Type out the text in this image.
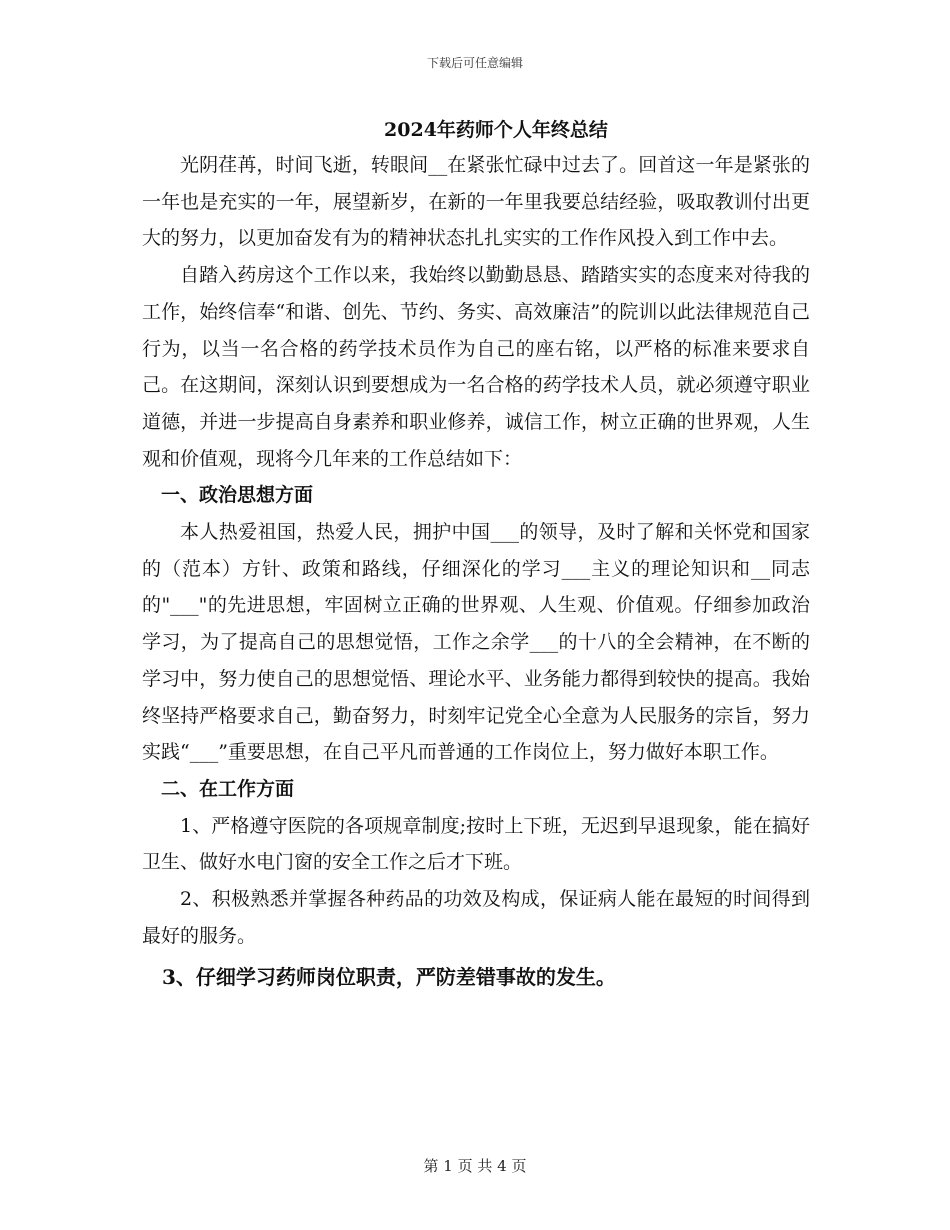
下载后可任意编辑
2024年药师个人年终总结

光阴荏苒，时间飞逝，转眼间__在紧张忙碌中过去了。回首这一年是紧张的一年也是充实的一年，展望新岁，在新的一年里我要总结经验，吸取教训付出更大的努力，以更加奋发有为的精神状态扎扎实实的工作作风投入到工作中去。

自踏入药房这个工作以来，我始终以勤勤恳恳、踏踏实实的态度来对待我的工作，始终信奉“和谐、创先、节约、务实、高效廉洁”的院训以此法律规范自己行为，以当一名合格的药学技术员作为自己的座右铭，以严格的标准来要求自己。在这期间，深刻认识到要想成为一名合格的药学技术人员，就必须遵守职业道德，并进一步提高自身素养和职业修养，诚信工作，树立正确的世界观，人生观和价值观，现将今几年来的工作总结如下：

一、政治思想方面

本人热爱祖国，热爱人民，拥护中国___的领导，及时了解和关怀党和国家的（范本）方针、政策和路线，仔细深化的学习___主义的理论知识和__同志的"___"的先进思想，牢固树立正确的世界观、人生观、价值观。仔细参加政治学习，为了提高自己的思想觉悟，工作之余学___的十八的全会精神，在不断的学习中，努力使自己的思想觉悟、理论水平、业务能力都得到较快的提高。我始终坚持严格要求自己，勤奋努力，时刻牢记党全心全意为人民服务的宗旨，努力实践“___”重要思想，在自己平凡而普通的工作岗位上，努力做好本职工作。

二、在工作方面

1、严格遵守医院的各项规章制度;按时上下班，无迟到早退现象，能在搞好卫生、做好水电门窗的安全工作之后才下班。

2、积极熟悉并掌握各种药品的功效及构成，保证病人能在最短的时间得到最好的服务。

3、仔细学习药师岗位职责，严防差错事故的发生。

第 1 页 共 4 页
